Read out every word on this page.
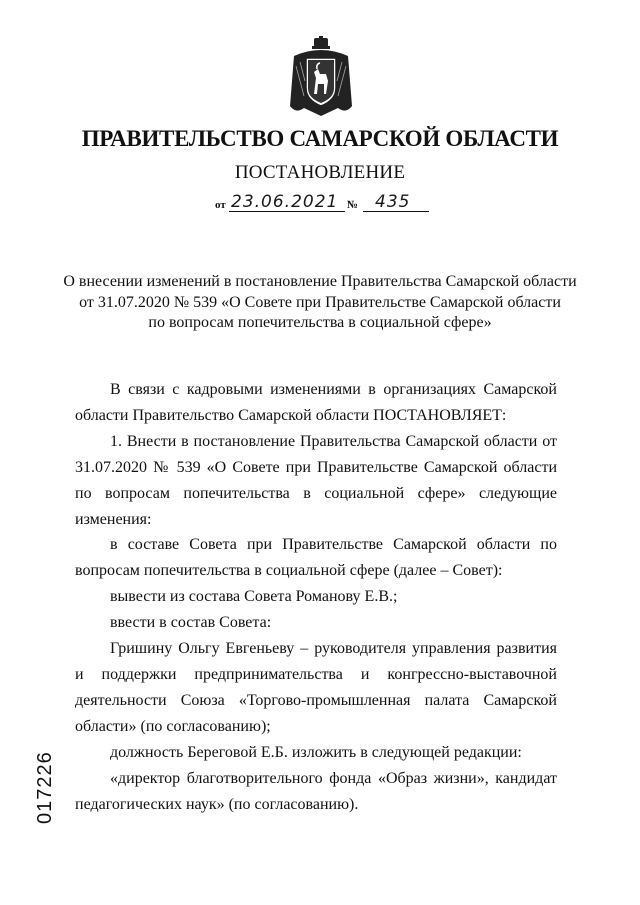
ПРАВИТЕЛЬСТВО САМАРСКОЙ ОБЛАСТИ
ПОСТАНОВЛЕНИЕ
от 23.06.2021 № 435
О внесении изменений в постановление Правительства Самарской области
от 31.07.2020 № 539 «О Совете при Правительстве Самарской области
по вопросам попечительства в социальной сфере»

В связи с кадровыми изменениями в организациях Самарской области Правительство Самарской области ПОСТАНОВЛЯЕТ:

1. Внести в постановление Правительства Самарской области от 31.07.2020 № 539 «О Совете при Правительстве Самарской области по вопросам попечительства в социальной сфере» следующие изменения:

в составе Совета при Правительстве Самарской области по вопросам попечительства в социальной сфере (далее – Совет):

вывести из состава Совета Романову Е.В.;

ввести в состав Совета:

Гришину Ольгу Евгеньеву – руководителя управления развития и поддержки предпринимательства и конгрессно-выставочной деятельности Союза «Торгово-промышленная палата Самарской области» (по согласованию);

должность Береговой Е.Б. изложить в следующей редакции:

«директор благотворительного фонда «Образ жизни», кандидат педагогических наук» (по согласованию).

017226
